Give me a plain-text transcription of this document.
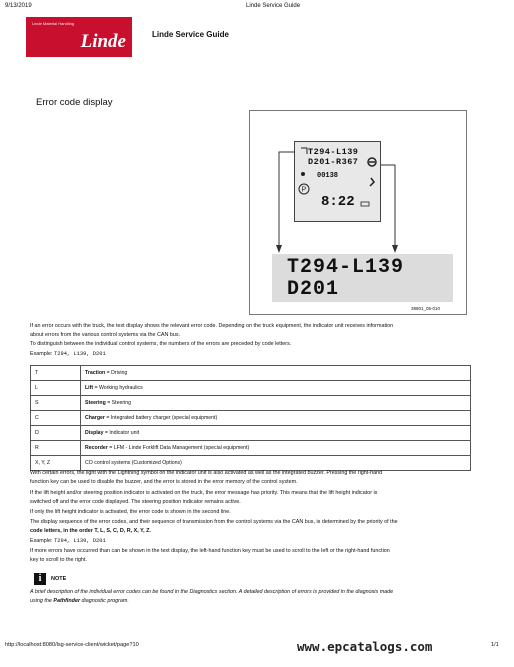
9/13/2019	Linde Service Guide
Linde Material Handling
Linde	Linde Service Guide
Error code display
P
T294-L139
D201-R367
00138
8:22
T294-L139
D201
38801_05-010
If an error occurs with the truck, the text display shows the relevant error code. Depending on the truck equipment, the indicator unit receives information
about errors from the various control systems via the CAN bus.
To distinguish between the individual control systems, the numbers of the errors are preceded by code letters.
Example: T294, L139, D201
T	Traction = Driving
L	Lift = Working hydraulics
S	Steering = Steering
C	Charger = Integrated battery charger (special equipment)
D	Display = Indicator unit
R	Recorder = LFM - Linde Forklift Data Management (special equipment)
X, Y, Z	CO control systems (Customized Options)
With certain errors, the light with the Lightning symbol on the indicator unit is also activated as well as the integrated buzzer. Pressing the right-hand
function key can be used to disable the buzzer, and the error is stored in the error memory of the control system.
If the lift height and/or steering position indicator is activated on the truck, the error message has priority. This means that the lift height indicator is
switched off and the error code displayed. The steering position indicator remains active.
If only the lift height indicator is activated, the error code is shown in the second line.
The display sequence of the error codes, and their sequence of transmission from the control systems via the CAN bus, is determined by the priority of the
code letters, in the order T, L, S, C, D, R, X, Y, Z.
Example: T294, L139, D201
If more errors have occurred than can be shown in the text display, the left-hand function key must be used to scroll to the left or the right-hand function
key to scroll to the right.
i	NOTE
A brief description of the individual error codes can be found in the Diagnostics section. A detailed description of errors is provided in the diagnosis made
using the Pathfinder diagnostic program.
http://localhost:8080/lsg-service-client/wicket/page?10	www.epcatalogs.com	1/1
